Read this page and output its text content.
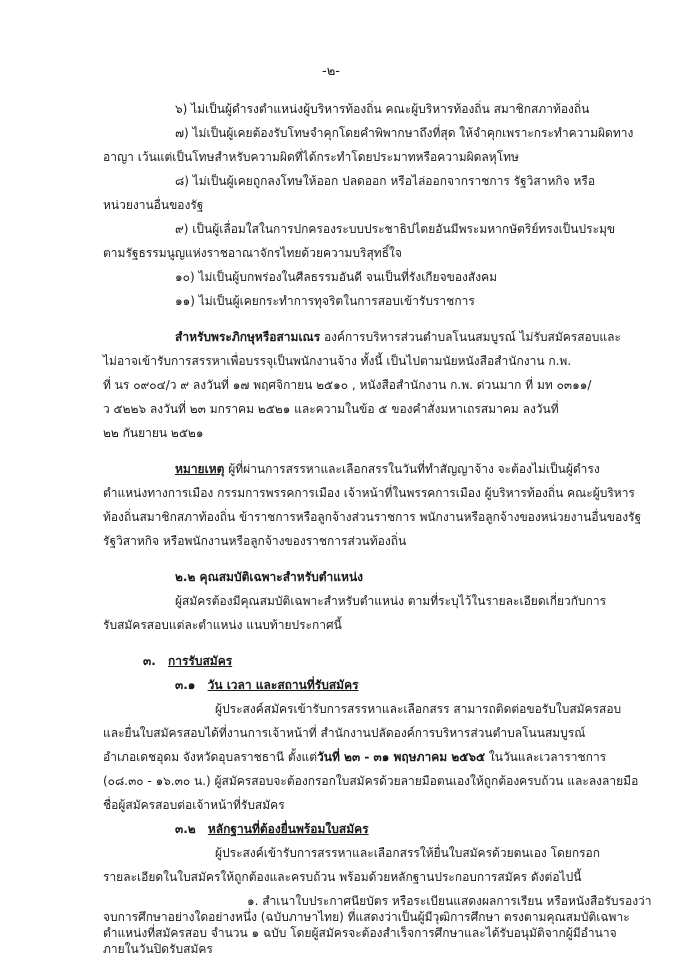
-๒-
๖) ไม่เป็นผู้ดำรงตำแหน่งผู้บริหารท้องถิ่น คณะผู้บริหารท้องถิ่น สมาชิกสภาท้องถิ่น
๗) ไม่เป็นผู้เคยต้องรับโทษจำคุกโดยคำพิพากษาถึงที่สุด ให้จำคุกเพราะกระทำความผิดทาง
อาญา เว้นแต่เป็นโทษสำหรับความผิดที่ได้กระทำโดยประมาทหรือความผิดลหุโทษ
๘) ไม่เป็นผู้เคยถูกลงโทษให้ออก ปลดออก หรือไล่ออกจากราชการ รัฐวิสาหกิจ หรือ
หน่วยงานอื่นของรัฐ
๙) เป็นผู้เลื่อมใสในการปกครองระบบประชาธิปไตยอันมีพระมหากษัตริย์ทรงเป็นประมุข
ตามรัฐธรรมนูญแห่งราชอาณาจักรไทยด้วยความบริสุทธิ์ใจ
๑๐) ไม่เป็นผู้บกพร่องในศีลธรรมอันดี จนเป็นที่รังเกียจของสังคม
๑๑) ไม่เป็นผู้เคยกระทำการทุจริตในการสอบเข้ารับราชการ
สำหรับพระภิกษุหรือสามเณร องค์การบริหารส่วนตำบลโนนสมบูรณ์ ไม่รับสมัครสอบและ
ไม่อาจเข้ารับการสรรหาเพื่อบรรจุเป็นพนักงานจ้าง ทั้งนี้ เป็นไปตามนัยหนังสือสำนักงาน ก.พ.
ที่ นร ๐๙๐๔/ว ๙ ลงวันที่ ๑๗ พฤศจิกายน ๒๕๑๐ , หนังสือสำนักงาน ก.พ. ด่วนมาก ที่ มท ๐๓๑๑/
ว ๕๒๒๖ ลงวันที่ ๒๓ มกราคม ๒๕๒๑ และความในข้อ ๕ ของคำสั่งมหาเถรสมาคม ลงวันที่
๒๒ กันยายน ๒๕๒๑
หมายเหตุ ผู้ที่ผ่านการสรรหาและเลือกสรรในวันที่ทำสัญญาจ้าง จะต้องไม่เป็นผู้ดำรง
ตำแหน่งทางการเมือง กรรมการพรรคการเมือง เจ้าหน้าที่ในพรรคการเมือง ผู้บริหารท้องถิ่น คณะผู้บริหาร
ท้องถิ่นสมาชิกสภาท้องถิ่น ข้าราชการหรือลูกจ้างส่วนราชการ พนักงานหรือลูกจ้างของหน่วยงานอื่นของรัฐ
รัฐวิสาหกิจ หรือพนักงานหรือลูกจ้างของราชการส่วนท้องถิ่น
๒.๒ คุณสมบัติเฉพาะสำหรับตำแหน่ง
ผู้สมัครต้องมีคุณสมบัติเฉพาะสำหรับตำแหน่ง ตามที่ระบุไว้ในรายละเอียดเกี่ยวกับการ
รับสมัครสอบแต่ละตำแหน่ง แนบท้ายประกาศนี้
๓. การรับสมัคร
๓.๑ วัน เวลา และสถานที่รับสมัคร
ผู้ประสงค์สมัครเข้ารับการสรรหาและเลือกสรร สามารถติดต่อขอรับใบสมัครสอบ
และยื่นใบสมัครสอบได้ที่งานการเจ้าหน้าที่ สำนักงานปลัดองค์การบริหารส่วนตำบลโนนสมบูรณ์
อำเภอเดชอุดม จังหวัดอุบลราชธานี ตั้งแต่วันที่ ๒๓ - ๓๑ พฤษภาคม ๒๕๖๕ ในวันและเวลาราชการ
(๐๘.๓๐ - ๑๖.๓๐ น.) ผู้สมัครสอบจะต้องกรอกใบสมัครด้วยลายมือตนเองให้ถูกต้องครบถ้วน และลงลายมือ
ชื่อผู้สมัครสอบต่อเจ้าหน้าที่รับสมัคร
๓.๒ หลักฐานที่ต้องยื่นพร้อมใบสมัคร
ผู้ประสงค์เข้ารับการสรรหาและเลือกสรรให้ยื่นใบสมัครด้วยตนเอง โดยกรอก
รายละเอียดในใบสมัครให้ถูกต้องและครบถ้วน พร้อมด้วยหลักฐานประกอบการสมัคร ดังต่อไปนี้
๑. สำเนาใบประกาศนียบัตร หรือระเบียนแสดงผลการเรียน หรือหนังสือรับรองว่า
จบการศึกษาอย่างใดอย่างหนึ่ง (ฉบับภาษาไทย) ที่แสดงว่าเป็นผู้มีวุฒิการศึกษา ตรงตามคุณสมบัติเฉพาะ
ตำแหน่งที่สมัครสอบ จำนวน ๑ ฉบับ โดยผู้สมัครจะต้องสำเร็จการศึกษาและได้รับอนุมัติจากผู้มีอำนาจ
ภายในวันปิดรับสมัคร
